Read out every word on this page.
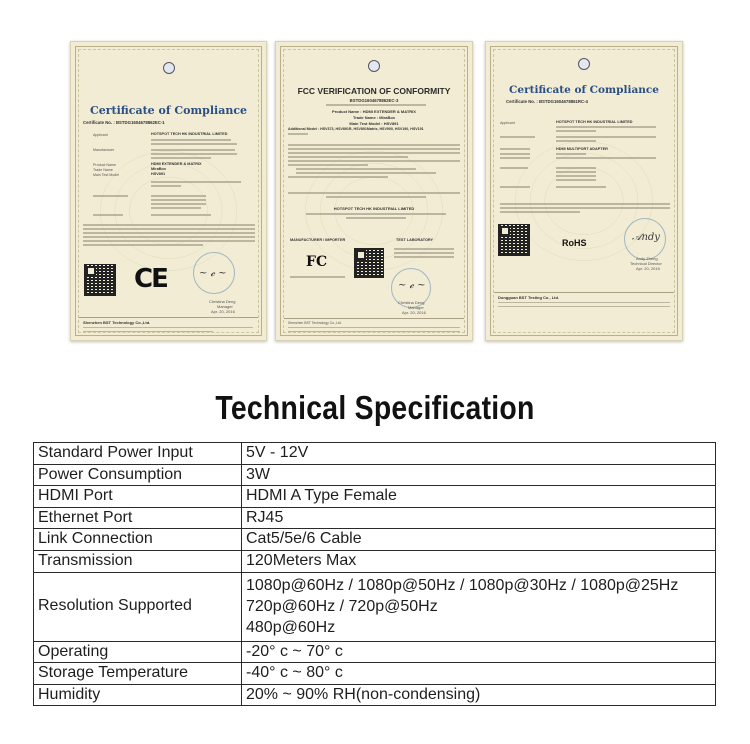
Certificate of Compliance
Certificate No. : BSTDG1604678862EC-1
Applicant	HOTSPOT TECH HK INDUSTRIAL LIMITED
Manufacturer
Product Name	HDMI EXTENDER & MATRIX
Trade Name	MiraBox
Main Test Model	HSV891
CE	~ 𝓬 ~
Christina Deng
Manager
Apr. 20, 2016
Shenzhen BST Technology Co.,Ltd.
FCC VERIFICATION OF CONFORMITY
BSTDG1604678862EC-3
Product Name : HDMI EXTENDER & MATRIX
Trade Name : MiraBox
Main Test Model : HSV891
Additional Model : HSV373, HSV891R, HSV891Matrix, HSV900, HSV190, HSV191
HOTSPOT TECH HK INDUSTRIAL LIMITED
MANUFACTURER / IMPORTER	TEST LABORATORY
FC
~ 𝓬 ~
Christina Deng
Manager
Apr. 20, 2016
Shenzhen BST Technology Co.,Ltd.
Certificate of Compliance
Certificate No. : BSTDG1604678861RC-4
Applicant	HOTSPOT TECH HK INDUSTRIAL LIMITED
HDMI MULTIPORT ADAPTER
RoHS	𝒜ndy
Andy Zheng
Technical Director
Apr. 20, 2016
Dongguan BST Testing Co., Ltd.
Technical Specification
Standard Power Input	5V - 12V
Power Consumption	3W
HDMI Port	HDMI A Type Female
Ethernet Port	RJ45
Link Connection	Cat5/5e/6 Cable
Transmission	120Meters Max
Resolution Supported	1080p@60Hz / 1080p@50Hz / 1080p@30Hz / 1080p@25Hz
720p@60Hz / 720p@50Hz
480p@60Hz

Operating	-20° c ~ 70° c
Storage Temperature	-40° c ~ 80° c
Humidity	20% ~ 90% RH(non-condensing)
